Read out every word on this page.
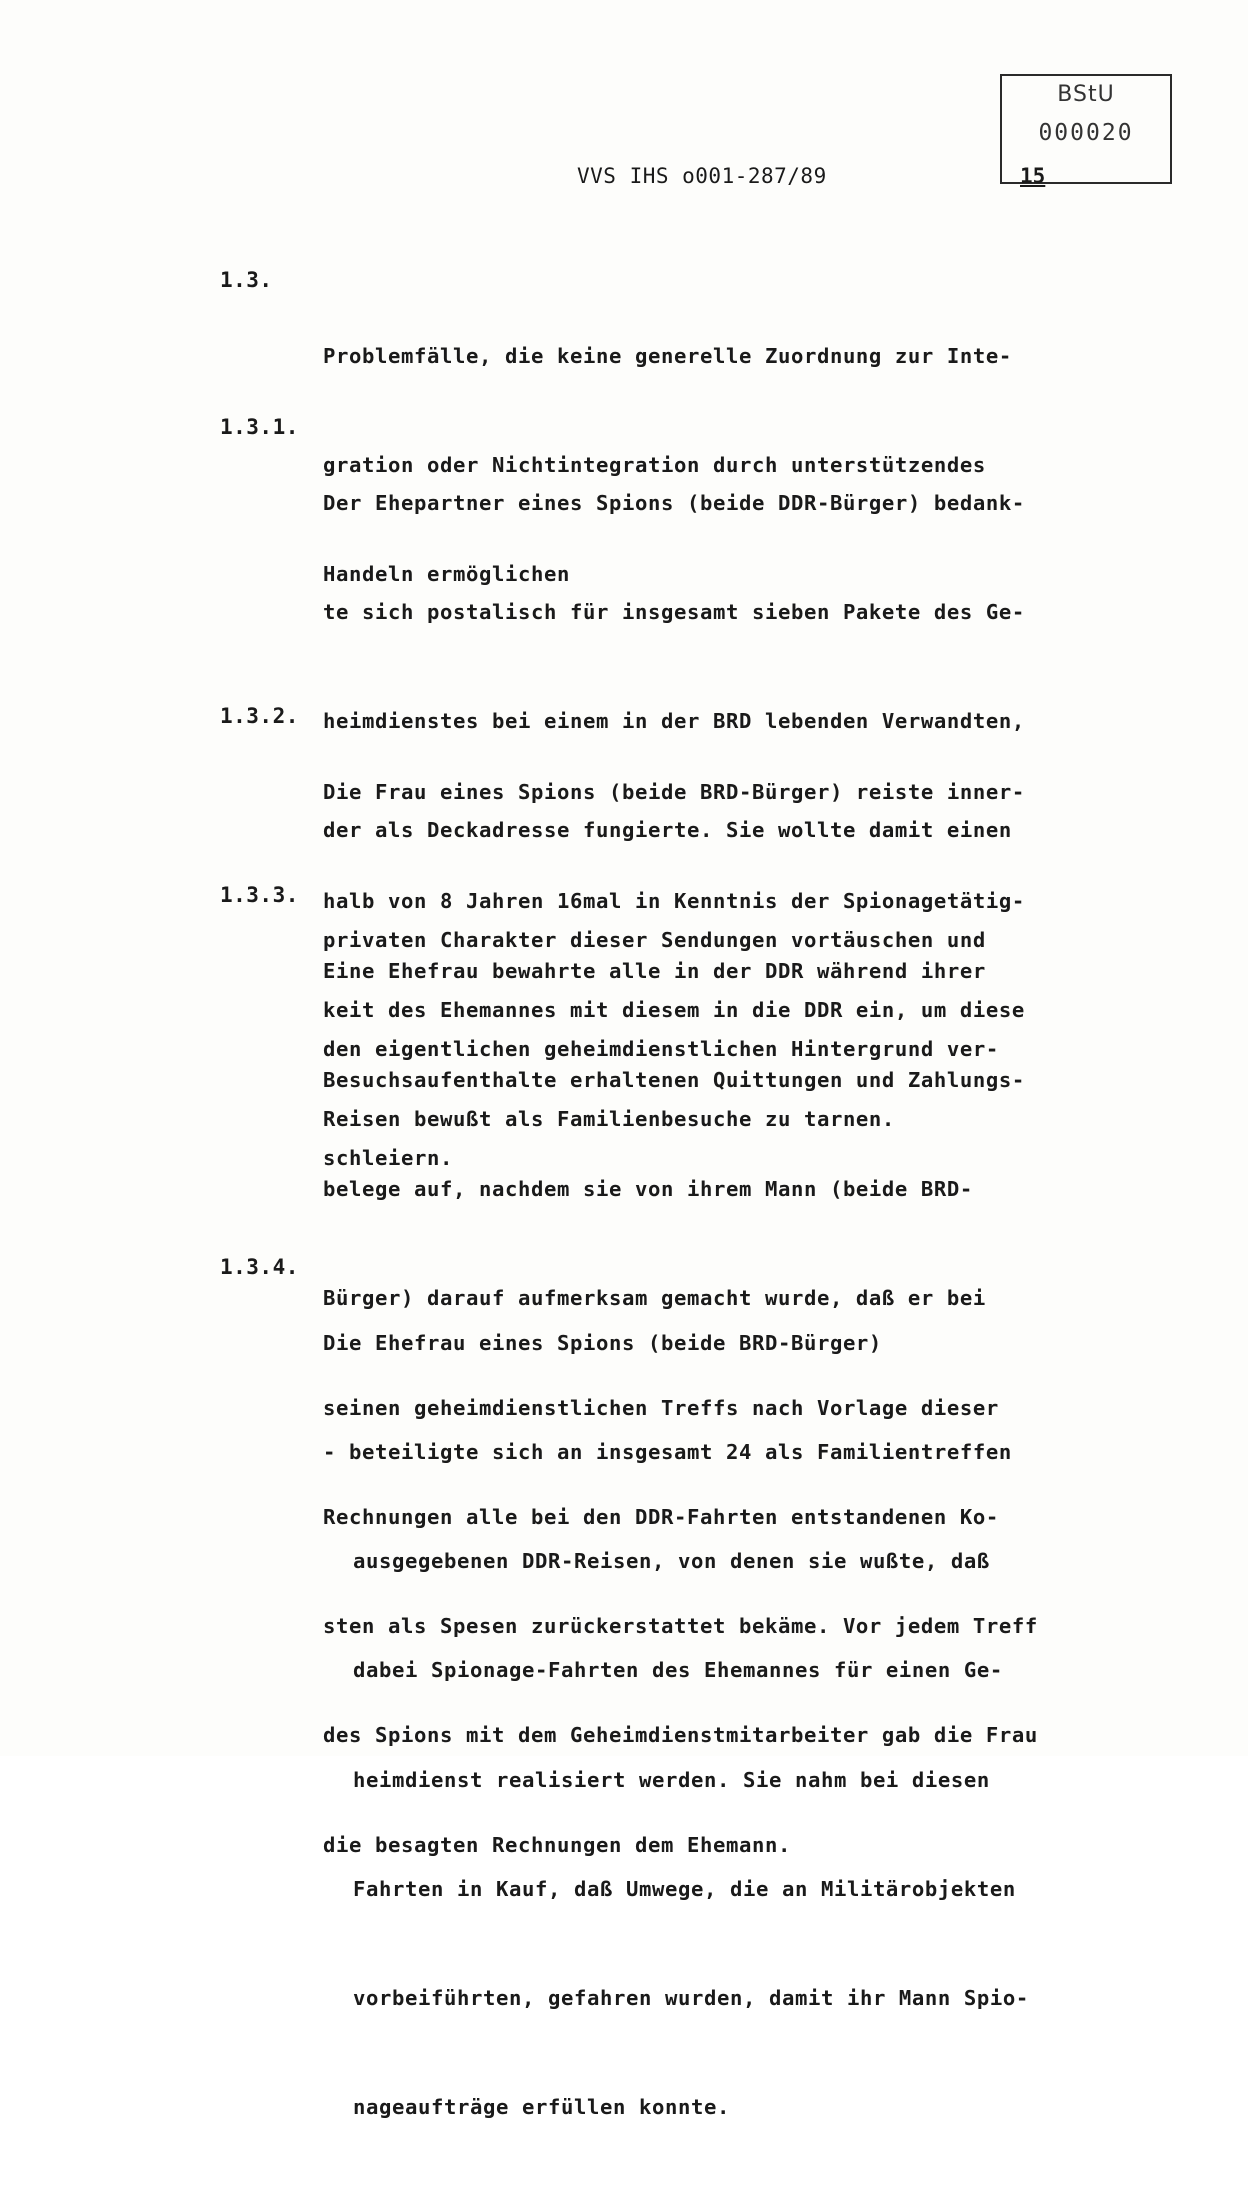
BStU
000020
VVS IHS o001-287/89	15
1.3.

Problemfälle, die keine generelle Zuordnung zur Inte-

gration oder Nichtintegration durch unterstützendes

Handeln ermöglichen

1.3.1.

Der Ehepartner eines Spions (beide DDR-Bürger) bedank-

te sich postalisch für insgesamt sieben Pakete des Ge-

heimdienstes bei einem in der BRD lebenden Verwandten,

der als Deckadresse fungierte. Sie wollte damit einen

privaten Charakter dieser Sendungen vortäuschen und

den eigentlichen geheimdienstlichen Hintergrund ver-

schleiern.

1.3.2.

Die Frau eines Spions (beide BRD-Bürger) reiste inner-

halb von 8 Jahren 16mal in Kenntnis der Spionagetätig-

keit des Ehemannes mit diesem in die DDR ein, um diese

Reisen bewußt als Familienbesuche zu tarnen.

1.3.3.

Eine Ehefrau bewahrte alle in der DDR während ihrer

Besuchsaufenthalte erhaltenen Quittungen und Zahlungs-

belege auf, nachdem sie von ihrem Mann (beide BRD-

Bürger) darauf aufmerksam gemacht wurde, daß er bei

seinen geheimdienstlichen Treffs nach Vorlage dieser

Rechnungen alle bei den DDR-Fahrten entstandenen Ko-

sten als Spesen zurückerstattet bekäme. Vor jedem Treff

des Spions mit dem Geheimdienstmitarbeiter gab die Frau

die besagten Rechnungen dem Ehemann.

1.3.4.

Die Ehefrau eines Spions (beide BRD-Bürger)

- beteiligte sich an insgesamt 24 als Familientreffen

ausgegebenen DDR-Reisen, von denen sie wußte, daß

dabei Spionage-Fahrten des Ehemannes für einen Ge-

heimdienst realisiert werden. Sie nahm bei diesen

Fahrten in Kauf, daß Umwege, die an Militärobjekten

vorbeiführten, gefahren wurden, damit ihr Mann Spio-

nageaufträge erfüllen konnte.
